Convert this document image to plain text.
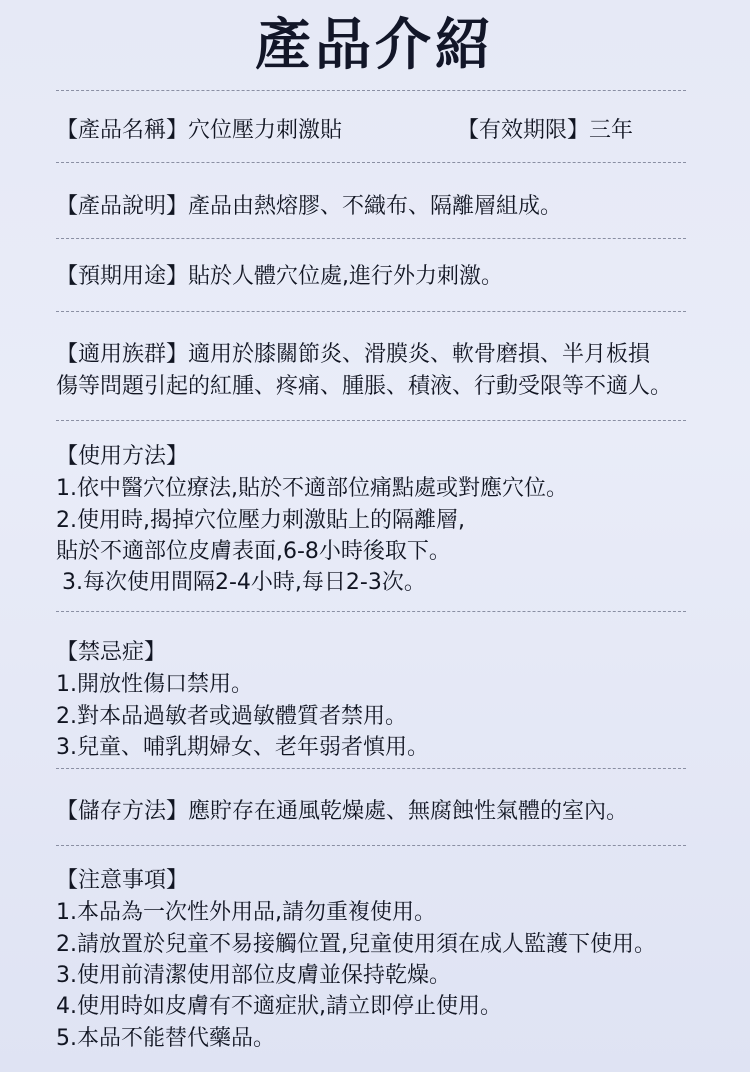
產品介紹
【產品名稱】穴位壓力刺激貼	【有效期限】三年
【產品說明】產品由熱熔膠、不織布、隔離層組成。
【預期用途】貼於人體穴位處,進行外力刺激。
【適用族群】適用於膝關節炎、滑膜炎、軟骨磨損、半月板損
傷等問題引起的紅腫、疼痛、腫脹、積液、行動受限等不適人。
【使用方法】
1.依中醫穴位療法,貼於不適部位痛點處或對應穴位。
2.使用時,揭掉穴位壓力刺激貼上的隔離層,
貼於不適部位皮膚表面,6-8小時後取下。
3.每次使用間隔2-4小時,每日2-3次。
【禁忌症】
1.開放性傷口禁用。
2.對本品過敏者或過敏體質者禁用。
3.兒童、哺乳期婦女、老年弱者慎用。
【儲存方法】應貯存在通風乾燥處、無腐蝕性氣體的室內。
【注意事項】
1.本品為一次性外用品,請勿重複使用。
2.請放置於兒童不易接觸位置,兒童使用須在成人監護下使用。
3.使用前清潔使用部位皮膚並保持乾燥。
4.使用時如皮膚有不適症狀,請立即停止使用。
5.本品不能替代藥品。
